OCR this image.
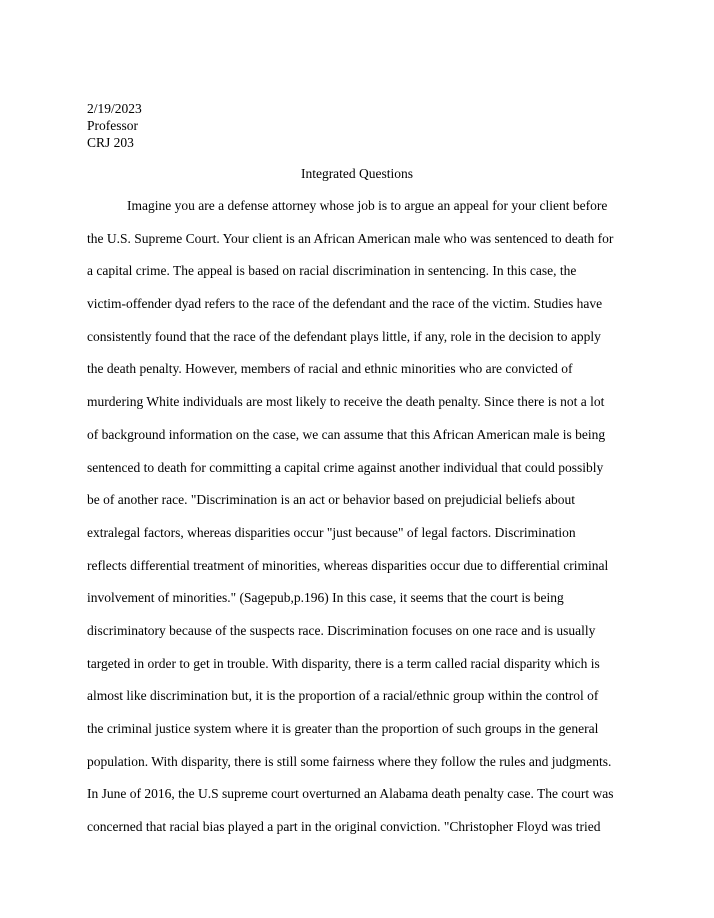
2/19/2023
Professor
CRJ 203
Integrated Questions
Imagine you are a defense attorney whose job is to argue an appeal for your client before
the U.S. Supreme Court. Your client is an African American male who was sentenced to death for
a capital crime. The appeal is based on racial discrimination in sentencing. In this case, the
victim-offender dyad refers to the race of the defendant and the race of the victim. Studies have
consistently found that the race of the defendant plays little, if any, role in the decision to apply
the death penalty. However, members of racial and ethnic minorities who are convicted of
murdering White individuals are most likely to receive the death penalty. Since there is not a lot
of background information on the case, we can assume that this African American male is being
sentenced to death for committing a capital crime against another individual that could possibly
be of another race. "Discrimination is an act or behavior based on prejudicial beliefs about
extralegal factors, whereas disparities occur "just because" of legal factors. Discrimination
reflects differential treatment of minorities, whereas disparities occur due to differential criminal
involvement of minorities." (Sagepub,p.196) In this case, it seems that the court is being
discriminatory because of the suspects race. Discrimination focuses on one race and is usually
targeted in order to get in trouble. With disparity, there is a term called racial disparity which is
almost like discrimination but, it is the proportion of a racial/ethnic group within the control of
the criminal justice system where it is greater than the proportion of such groups in the general
population. With disparity, there is still some fairness where they follow the rules and judgments.
In June of 2016, the U.S supreme court overturned an Alabama death penalty case. The court was
concerned that racial bias played a part in the original conviction. "Christopher Floyd was tried
